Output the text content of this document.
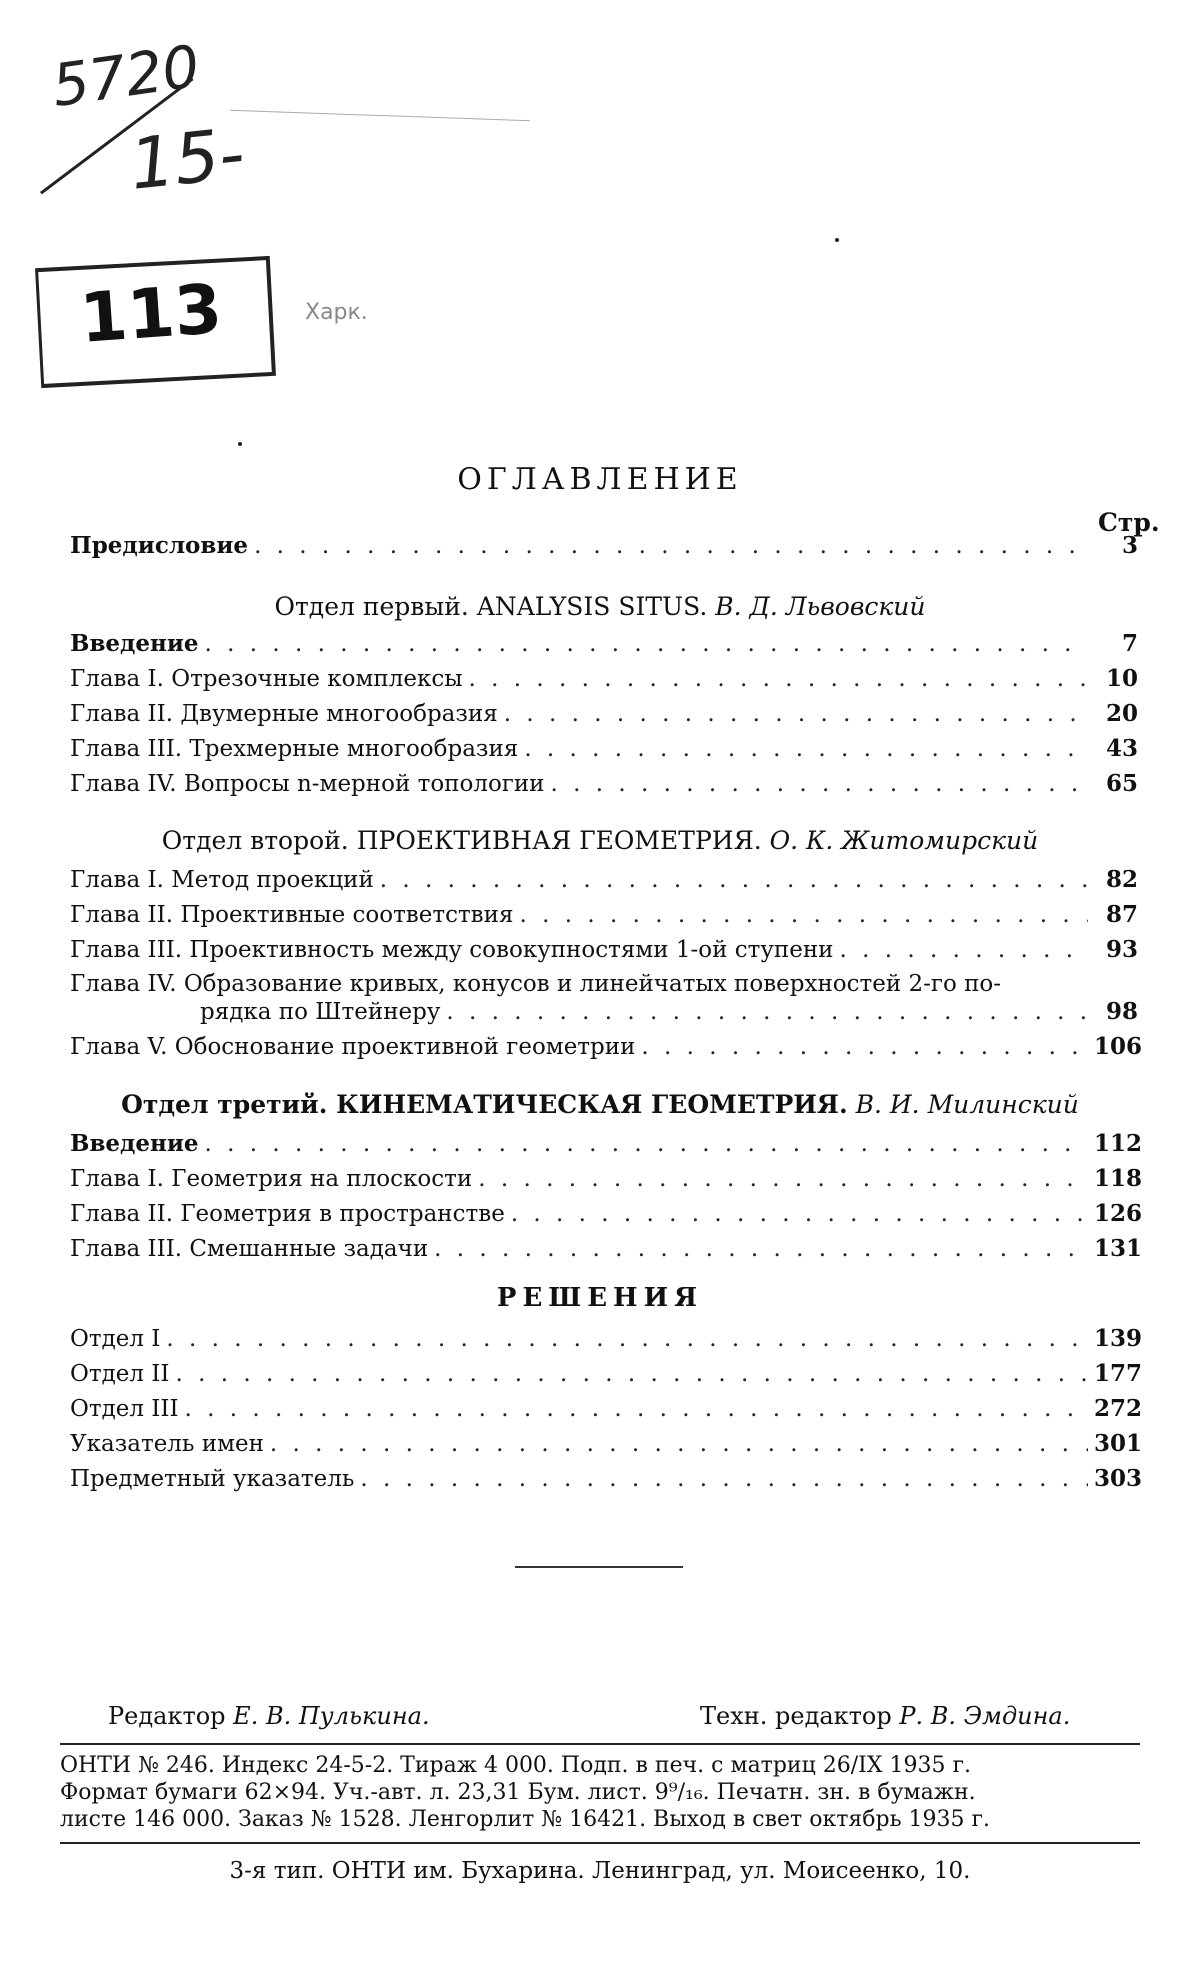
5720
15-
113	Харк.
ОГЛАВЛЕНИЕ
Стр.
Предисловие . . .	3
Отдел первый. ANALYSIS SITUS. В. Д. Львовский
Введение . . .	7
Глава I. Отрезочные комплексы . . .	10
Глава II. Двумерные многообразия . . .	20
Глава III. Трехмерные многообразия . . .	43
Глава IV. Вопросы n-мерной топологии . . .	65
Отдел второй. ПРОЕКТИВНАЯ ГЕОМЕТРИЯ. О. К. Житомирский
Глава I. Метод проекций . . .	82
Глава II. Проективные соответствия . . .	87
Глава III. Проективность между совокупностями 1-ой ступени . . .	93
Глава IV. Образование кривых, конусов и линейчатых поверхностей 2-го по-
рядка по Штейнеру . . .	98
Глава V. Обоснование проективной геометрии . . .	106
Отдел третий. КИНЕМАТИЧЕСКАЯ ГЕОМЕТРИЯ. В. И. Милинский
Введение . . .	112
Глава I. Геометрия на плоскости . . .	118
Глава II. Геометрия в пространстве . . .	126
Глава III. Смешанные задачи . . .	131
РЕШЕНИЯ
Отдел I . . .	139
Отдел II . . .	177
Отдел III . . .	272
Указатель имен . . .	301
Предметный указатель . . .	303
Редактор Е. В. Пулькина.	Техн. редактор Р. В. Эмдина.

ОНТИ № 246. Индекс 24-5-2. Тираж 4 000. Подп. в печ. с матриц 26/IX 1935 г.

Формат бумаги 62×94. Уч.-авт. л. 23,31 Бум. лист. 9⁹/₁₆. Печатн. зн. в бумажн.

листе 146 000. Заказ № 1528. Ленгорлит № 16421. Выход в свет октябрь 1935 г.

3-я тип. ОНТИ им. Бухарина. Ленинград, ул. Моисеенко, 10.
